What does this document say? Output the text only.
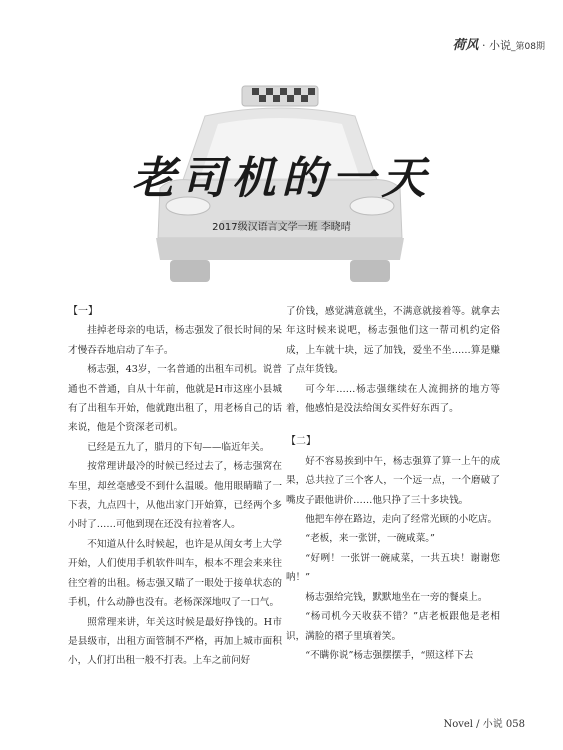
荷风 · 小说_第08期
老司机的一天
2017级汉语言文学一班 李晓晴

【一】

挂掉老母亲的电话，杨志强发了很长时间的呆才慢吞吞地启动了车子。

杨志强，43岁，一名普通的出租车司机。说普通也不普通，自从十年前，他就是H市这座小县城有了出租车开始，他就跑出租了，用老杨自己的话来说，他是个资深老司机。

已经是五九了，腊月的下旬——临近年关。

按常理讲最冷的时候已经过去了，杨志强窝在车里，却丝毫感受不到什么温暖。他用眼睛瞄了一下表，九点四十，从他出家门开始算，已经两个多小时了……可他到现在还没有拉着客人。

不知道从什么时候起，也许是从闺女考上大学开始，人们使用手机软件叫车，根本不理会来来往往空着的出租。杨志强又瞄了一眼处于接单状态的手机，什么动静也没有。老杨深深地叹了一口气。

照常理来讲，年关这时候是最好挣钱的。H市是县级市，出租方面管制不严格，再加上城市面积小，人们打出租一般不打表。上车之前问好

了价钱，感觉满意就坐，不满意就接着等。就拿去年这时候来说吧，杨志强他们这一帮司机约定俗成，上车就十块，远了加钱，爱坐不坐……算是赚了点年货钱。

可今年……杨志强继续在人流拥挤的地方等着，他感怕是没法给闺女买件好东西了。

【二】

好不容易挨到中午，杨志强算了算一上午的成果，总共拉了三个客人，一个远一点，一个磨破了嘴皮子跟他讲价……他只挣了三十多块钱。

他把车停在路边，走向了经常光顾的小吃店。

“老板，来一张饼，一碗咸菜。”

“好咧！一张饼一碗咸菜，一共五块！谢谢您呐！”

杨志强给完钱，默默地坐在一旁的餐桌上。

“杨司机今天收获不错？”店老板跟他是老相识，满脸的褶子里填着笑。

“不瞒你说”杨志强摆摆手，“照这样下去

Novel / 小说 058
